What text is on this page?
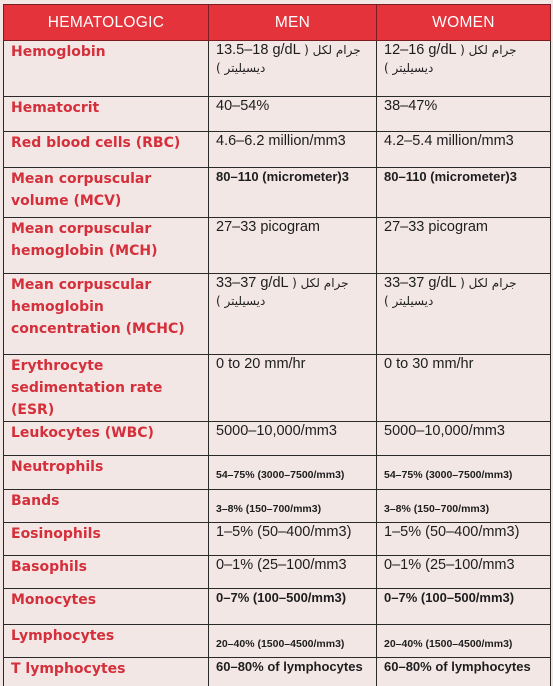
HEMATOLOGIC	MEN	WOMEN
Hemoglobin	13.5–18 g/dL جرام لكل ( دیسیلیتر )	12–16 g/dL جرام لكل ( دیسیلیتر )
Hematocrit	40–54%	38–47%
Red blood cells (RBC)	4.6–6.2 million/mm3	4.2–5.4 million/mm3
Mean corpuscular volume (MCV)	80–110 (micrometer)3	80–110 (micrometer)3
Mean corpuscular hemoglobin (MCH)	27–33 picogram	27–33 picogram
Mean corpuscular hemoglobin concentration (MCHC)	33–37 g/dL جرام لكل ( دیسیلیتر )	33–37 g/dL جرام لكل ( دیسیلیتر )
Erythrocyte sedimentation rate (ESR)	0 to 20 mm/hr	0 to 30 mm/hr
Leukocytes (WBC)	5000–10,000/mm3	5000–10,000/mm3
Neutrophils	54–75% (3000–7500/mm3)	54–75% (3000–7500/mm3)
Bands	3–8% (150–700/mm3)	3–8% (150–700/mm3)
Eosinophils	1–5% (50–400/mm3)	1–5% (50–400/mm3)
Basophils	0–1% (25–100/mm3	0–1% (25–100/mm3
Monocytes	0–7% (100–500/mm3)	0–7% (100–500/mm3)
Lymphocytes	20–40% (1500–4500/mm3)	20–40% (1500–4500/mm3)
T lymphocytes	60–80% of lymphocytes	60–80% of lymphocytes
